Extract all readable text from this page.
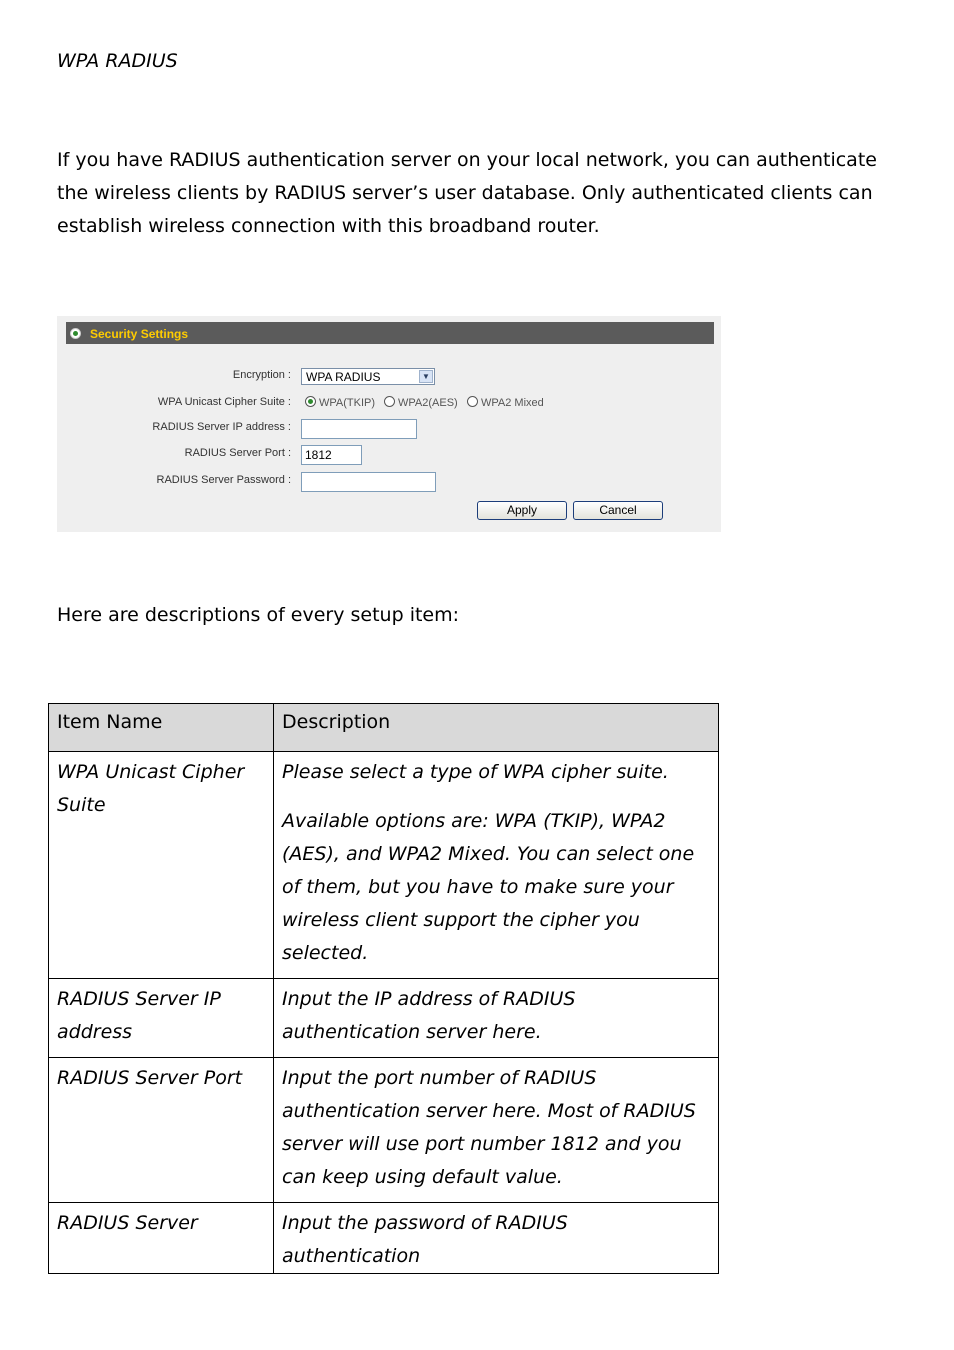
WPA RADIUS
If you have RADIUS authentication server on your local network, you can authenticate the wireless clients by RADIUS server’s user database. Only authenticated clients can establish wireless connection with this broadband router.
Security Settings
Encryption :	WPA RADIUS	▼
WPA Unicast Cipher Suite :	WPA(TKIP)	WPA2(AES)	WPA2 Mixed
RADIUS Server IP address :
RADIUS Server Port :	1812
RADIUS Server Password :
Apply	Cancel
Here are descriptions of every setup item:
Item Name	Description
WPA Unicast Cipher Suite	Please select a type of WPA cipher suite.

Available options are: WPA (TKIP), WPA2 (AES), and WPA2 Mixed. You can select one of them, but you have to make sure your wireless client support the cipher you selected.

RADIUS Server IP address	Input the IP address of RADIUS authentication server here.

RADIUS Server Port	Input the port number of RADIUS authentication server here. Most of RADIUS server will use port number 1812 and you can keep using default value.

RADIUS Server	Input the password of RADIUS authentication
